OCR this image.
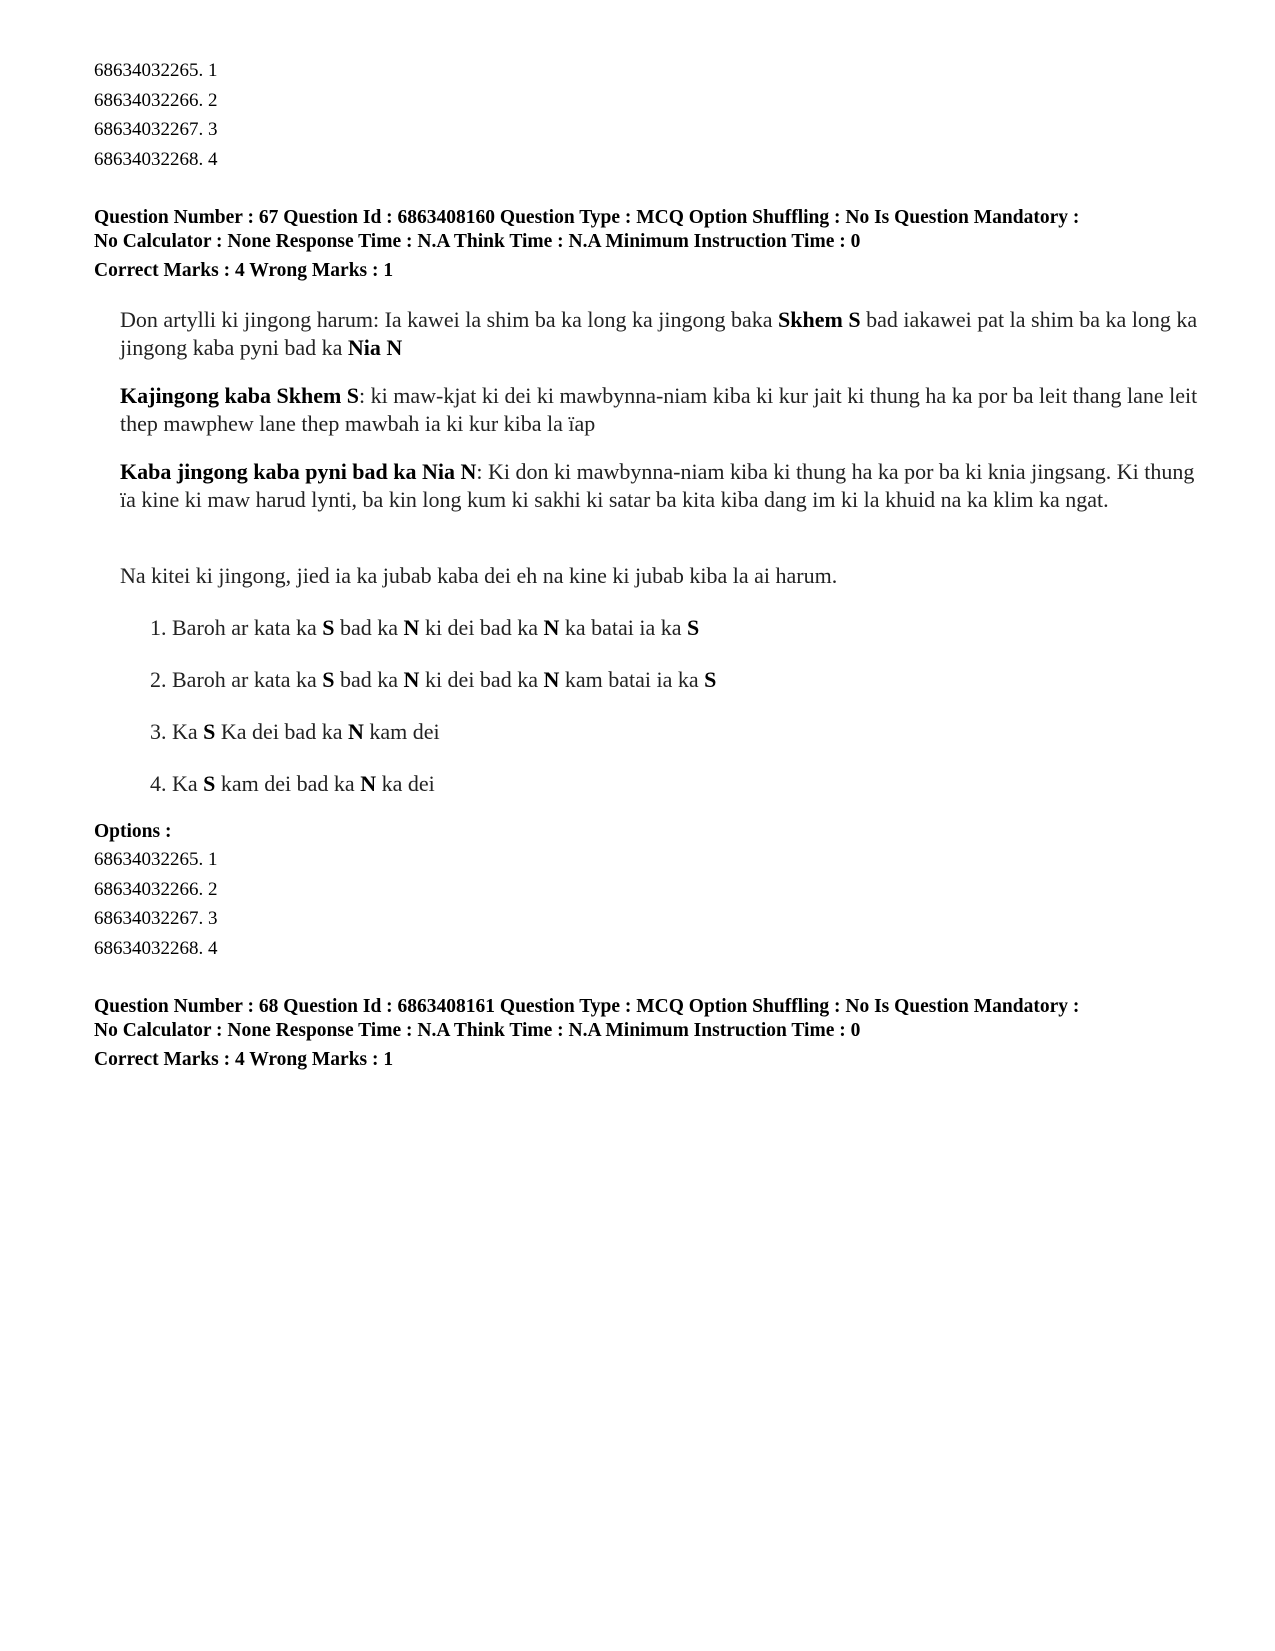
68634032265. 1
68634032266. 2
68634032267. 3
68634032268. 4
Question Number : 67 Question Id : 6863408160 Question Type : MCQ Option Shuffling : No Is Question Mandatory :
No Calculator : None Response Time : N.A Think Time : N.A Minimum Instruction Time : 0
Correct Marks : 4 Wrong Marks : 1

Don artylli ki jingong harum: Ia kawei la shim ba ka long ka jingong baka Skhem S bad iakawei pat la shim ba ka long ka jingong kaba pyni bad ka Nia N

Kajingong kaba Skhem S: ki maw-kjat ki dei ki mawbynna-niam kiba ki kur jait ki thung ha ka por ba leit thang lane leit thep mawphew lane thep mawbah ia ki kur kiba la ïap

Kaba jingong kaba pyni bad ka Nia N: Ki don ki mawbynna-niam kiba ki thung ha ka por ba ki knia jingsang. Ki thung ïa kine ki maw harud lynti, ba kin long kum ki sakhi ki satar ba kita kiba dang im ki la khuid na ka klim ka ngat.

Na kitei ki jingong, jied ia ka jubab kaba dei eh na kine ki jubab kiba la ai harum.

1. Baroh ar kata ka S bad ka N ki dei bad ka N ka batai ia ka S
2. Baroh ar kata ka S bad ka N ki dei bad ka N kam batai ia ka S
3. Ka S Ka dei bad ka N kam dei
4. Ka S kam dei bad ka N ka dei
Options :
68634032265. 1
68634032266. 2
68634032267. 3
68634032268. 4
Question Number : 68 Question Id : 6863408161 Question Type : MCQ Option Shuffling : No Is Question Mandatory :
No Calculator : None Response Time : N.A Think Time : N.A Minimum Instruction Time : 0
Correct Marks : 4 Wrong Marks : 1
